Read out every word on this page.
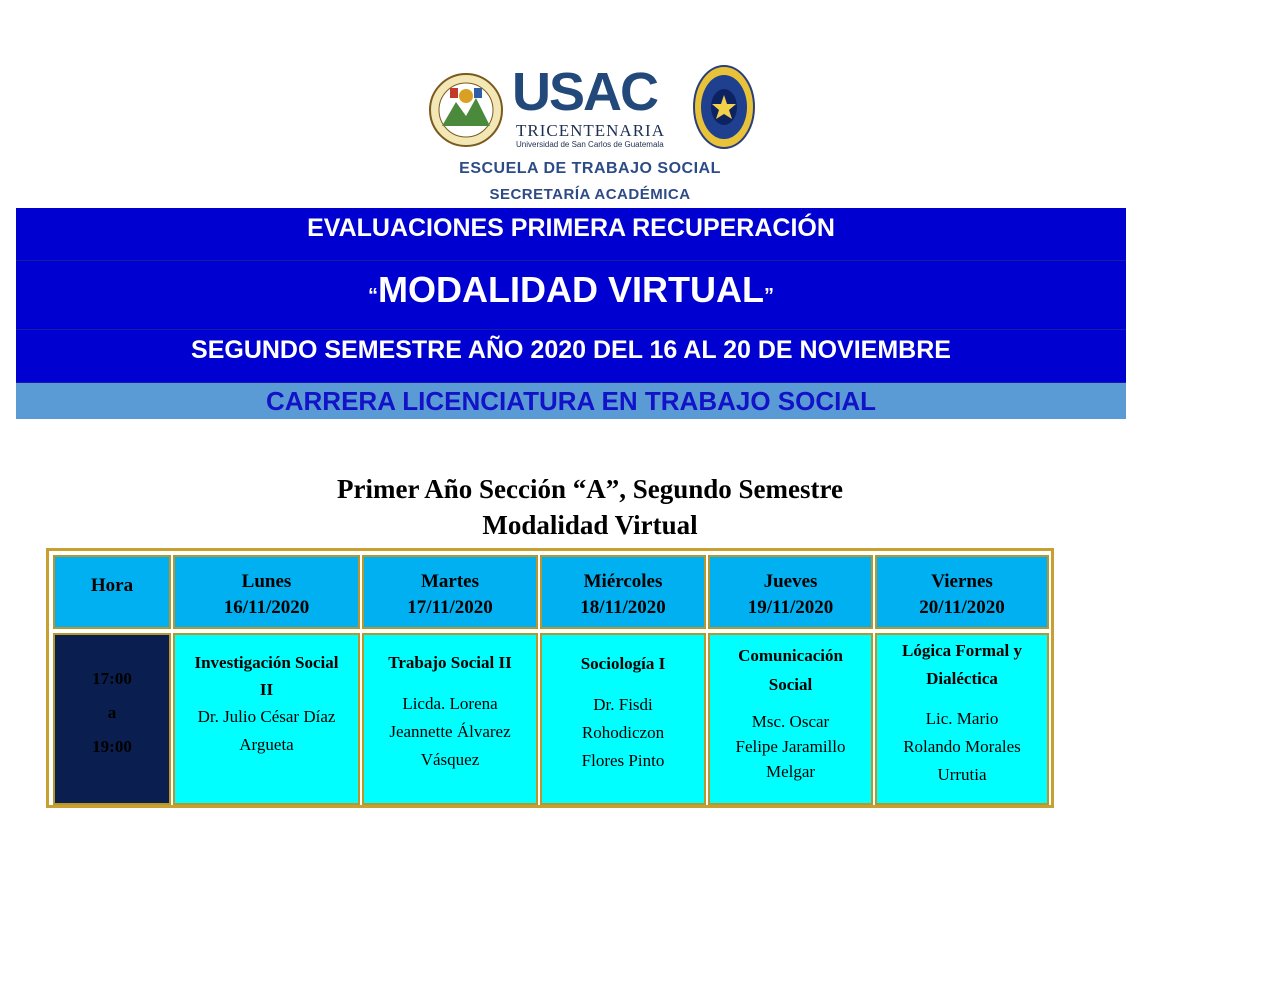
USAC
TRICENTENARIA
Universidad de San Carlos de Guatemala
ESCUELA DE TRABAJO SOCIAL
SECRETARÍA ACADÉMICA
EVALUACIONES PRIMERA RECUPERACIÓN
“MODALIDAD VIRTUAL”
SEGUNDO SEMESTRE AÑO 2020 DEL 16 AL 20 DE NOVIEMBRE
CARRERA LICENCIATURA EN TRABAJO SOCIAL
Primer Año Sección “A”, Segundo Semestre
Modalidad Virtual
Hora	Lunes
16/11/2020
Martes
17/11/2020
Miércoles
18/11/2020
Jueves
19/11/2020
Viernes
20/11/2020
17:00
a
19:00
Investigación Social
II
Dr. Julio César Díaz
Argueta
Trabajo Social II
Licda. Lorena
Jeannette Álvarez
Vásquez
Sociología I
Dr. Fisdi
Rohodiczon
Flores Pinto
Comunicación
Social
Msc. Oscar
Felipe Jaramillo
Melgar
Lógica Formal y
Dialéctica
Lic. Mario
Rolando Morales
Urrutia
